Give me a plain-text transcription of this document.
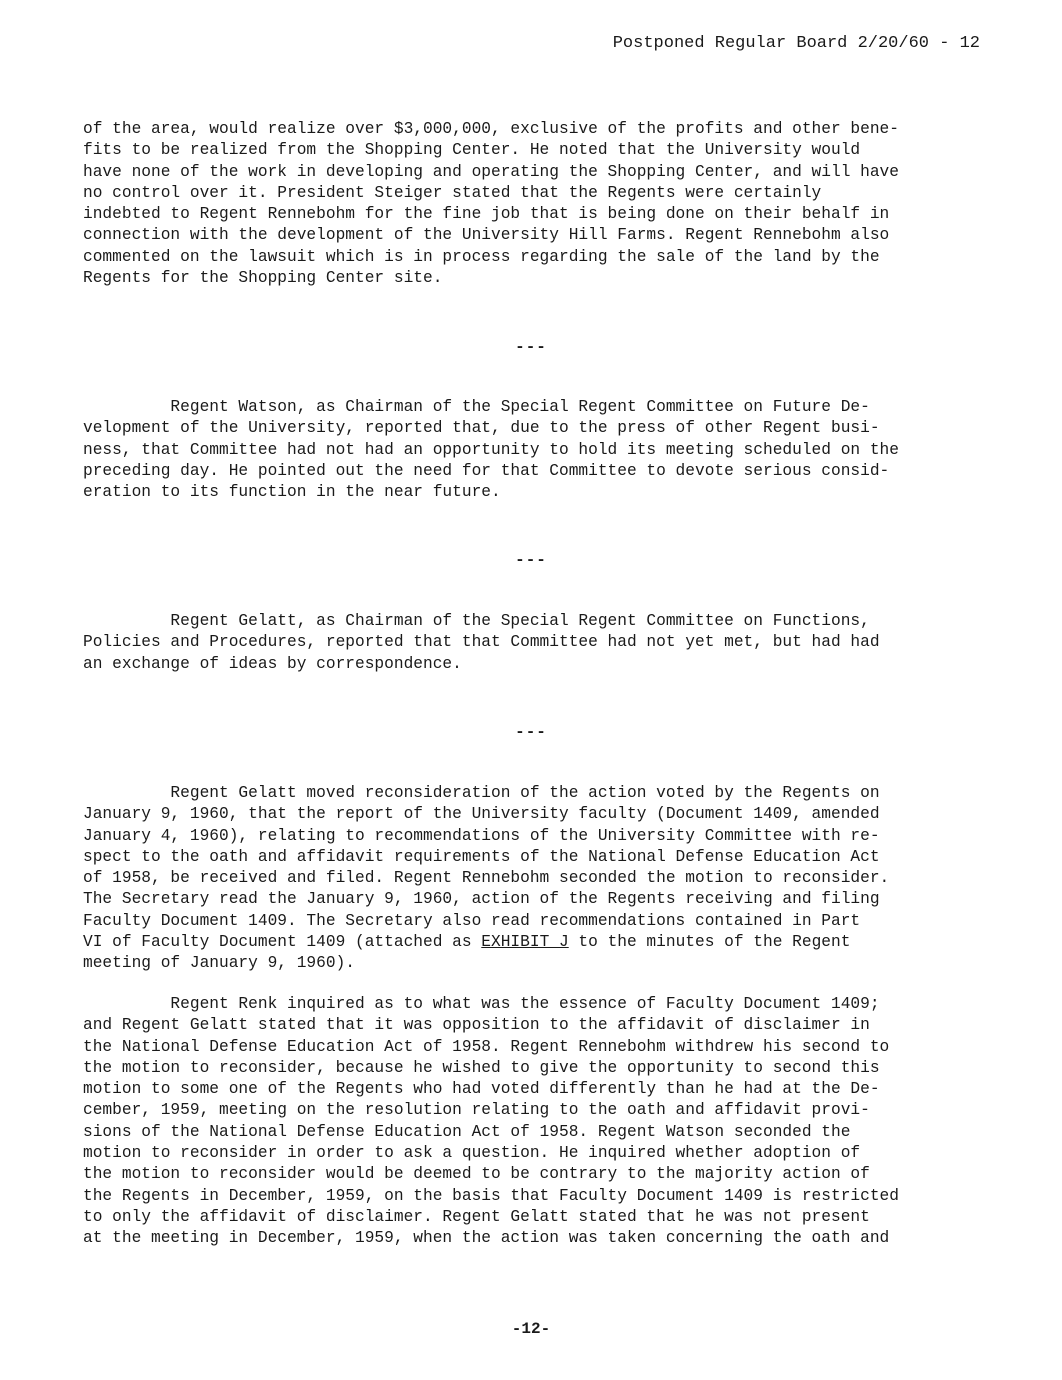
Postponed Regular Board 2/20/60 - 12
of the area, would realize over $3,000,000, exclusive of the profits and other bene-
fits to be realized from the Shopping Center. He noted that the University would
have none of the work in developing and operating the Shopping Center, and will have
no control over it. President Steiger stated that the Regents were certainly
indebted to Regent Rennebohm for the fine job that is being done on their behalf in
connection with the development of the University Hill Farms. Regent Rennebohm also
commented on the lawsuit which is in process regarding the sale of the land by the
Regents for the Shopping Center site.
---
Regent Watson, as Chairman of the Special Regent Committee on Future De-
velopment of the University, reported that, due to the press of other Regent busi-
ness, that Committee had not had an opportunity to hold its meeting scheduled on the
preceding day. He pointed out the need for that Committee to devote serious consid-
eration to its function in the near future.
---
Regent Gelatt, as Chairman of the Special Regent Committee on Functions,
Policies and Procedures, reported that that Committee had not yet met, but had had
an exchange of ideas by correspondence.
---
Regent Gelatt moved reconsideration of the action voted by the Regents on
January 9, 1960, that the report of the University faculty (Document 1409, amended
January 4, 1960), relating to recommendations of the University Committee with re-
spect to the oath and affidavit requirements of the National Defense Education Act
of 1958, be received and filed. Regent Rennebohm seconded the motion to reconsider.
The Secretary read the January 9, 1960, action of the Regents receiving and filing
Faculty Document 1409. The Secretary also read recommendations contained in Part
VI of Faculty Document 1409 (attached as EXHIBIT J to the minutes of the Regent
meeting of January 9, 1960).
Regent Renk inquired as to what was the essence of Faculty Document 1409;
and Regent Gelatt stated that it was opposition to the affidavit of disclaimer in
the National Defense Education Act of 1958. Regent Rennebohm withdrew his second to
the motion to reconsider, because he wished to give the opportunity to second this
motion to some one of the Regents who had voted differently than he had at the De-
cember, 1959, meeting on the resolution relating to the oath and affidavit provi-
sions of the National Defense Education Act of 1958. Regent Watson seconded the
motion to reconsider in order to ask a question. He inquired whether adoption of
the motion to reconsider would be deemed to be contrary to the majority action of
the Regents in December, 1959, on the basis that Faculty Document 1409 is restricted
to only the affidavit of disclaimer. Regent Gelatt stated that he was not present
at the meeting in December, 1959, when the action was taken concerning the oath and
-12-
